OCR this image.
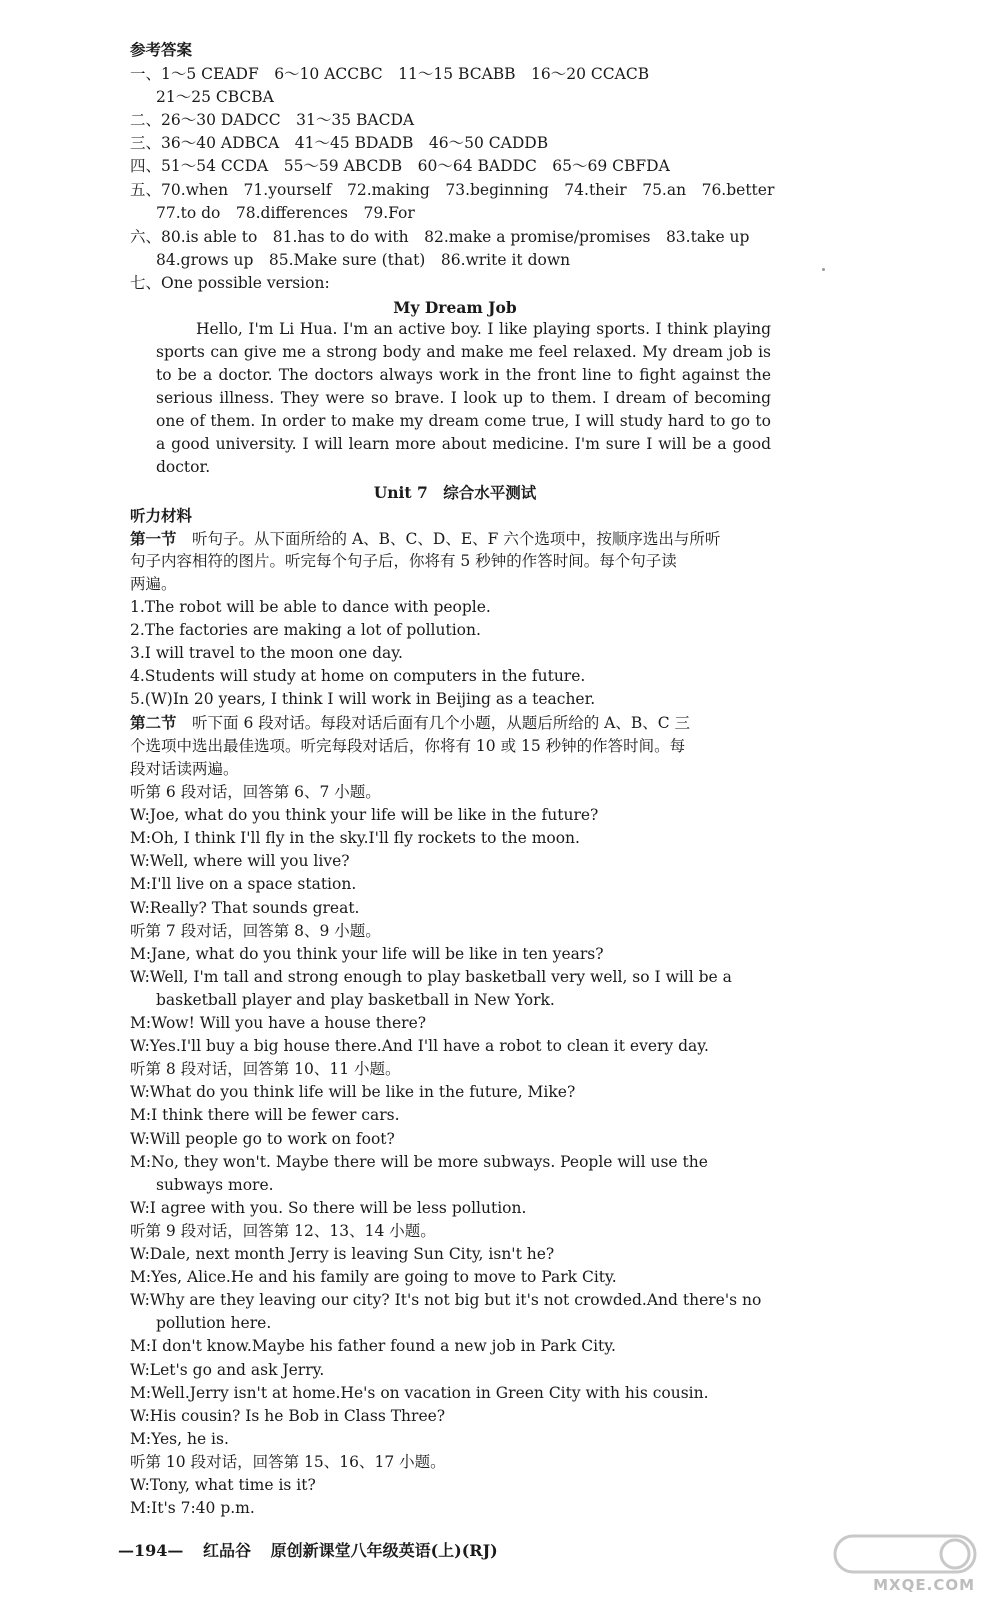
参考答案
一、1～5 CEADF　6～10 ACCBC　11～15 BCABB　16～20 CCACB
21～25 CBCBA
二、26～30 DADCC　31～35 BACDA
三、36～40 ADBCA　41～45 BDADB　46～50 CADDB
四、51～54 CCDA　55～59 ABCDB　60～64 BADDC　65～69 CBFDA
五、70.when　71.yourself　72.making　73.beginning　74.their　75.an　76.better
77.to do　78.differences　79.For
六、80.is able to　81.has to do with　82.make a promise/promises　83.take up
84.grows up　85.Make sure (that)　86.write it down
七、One possible version:
My Dream Job
Hello, I'm Li Hua. I'm an active boy. I like playing sports. I think playing sports can give me a strong body and make me feel relaxed. My dream job is to be a doctor. The doctors always work in the front line to fight against the serious illness. They were so brave. I look up to them. I dream of becoming one of them. In order to make my dream come true, I will study hard to go to a good university. I will learn more about medicine. I'm sure I will be a good doctor.
Unit 7　综合水平测试
听力材料
第一节　 听句子。从下面所给的 A、B、C、D、E、F 六个选项中，按顺序选出与所听
句子内容相符的图片。听完每个句子后，你将有 5 秒钟的作答时间。每个句子读
两遍。
1.The robot will be able to dance with people.
2.The factories are making a lot of pollution.
3.I will travel to the moon one day.
4.Students will study at home on computers in the future.
5.(W)In 20 years, I think I will work in Beijing as a teacher.
第二节　 听下面 6 段对话。每段对话后面有几个小题，从题后所给的 A、B、C 三
个选项中选出最佳选项。听完每段对话后，你将有 10 或 15 秒钟的作答时间。每
段对话读两遍。
听第 6 段对话，回答第 6、7 小题。
W:Joe, what do you think your life will be like in the future?
M:Oh, I think I'll fly in the sky.I'll fly rockets to the moon.
W:Well, where will you live?
M:I'll live on a space station.
W:Really? That sounds great.
听第 7 段对话，回答第 8、9 小题。
M:Jane, what do you think your life will be like in ten years?
W:Well, I'm tall and strong enough to play basketball very well, so I will be a
basketball player and play basketball in New York.
M:Wow! Will you have a house there?
W:Yes.I'll buy a big house there.And I'll have a robot to clean it every day.
听第 8 段对话，回答第 10、11 小题。
W:What do you think life will be like in the future, Mike?
M:I think there will be fewer cars.
W:Will people go to work on foot?
M:No, they won't. Maybe there will be more subways. People will use the
subways more.
W:I agree with you. So there will be less pollution.
听第 9 段对话，回答第 12、13、14 小题。
W:Dale, next month Jerry is leaving Sun City, isn't he?
M:Yes, Alice.He and his family are going to move to Park City.
W:Why are they leaving our city? It's not big but it's not crowded.And there's no
pollution here.
M:I don't know.Maybe his father found a new job in Park City.
W:Let's go and ask Jerry.
M:Well.Jerry isn't at home.He's on vacation in Green City with his cousin.
W:His cousin? Is he Bob in Class Three?
M:Yes, he is.
听第 10 段对话，回答第 15、16、17 小题。
W:Tony, what time is it?
M:It's 7:40 p.m.
—194— 红品谷 原创新课堂八年级英语(上)(RJ)
MXQE.COM
